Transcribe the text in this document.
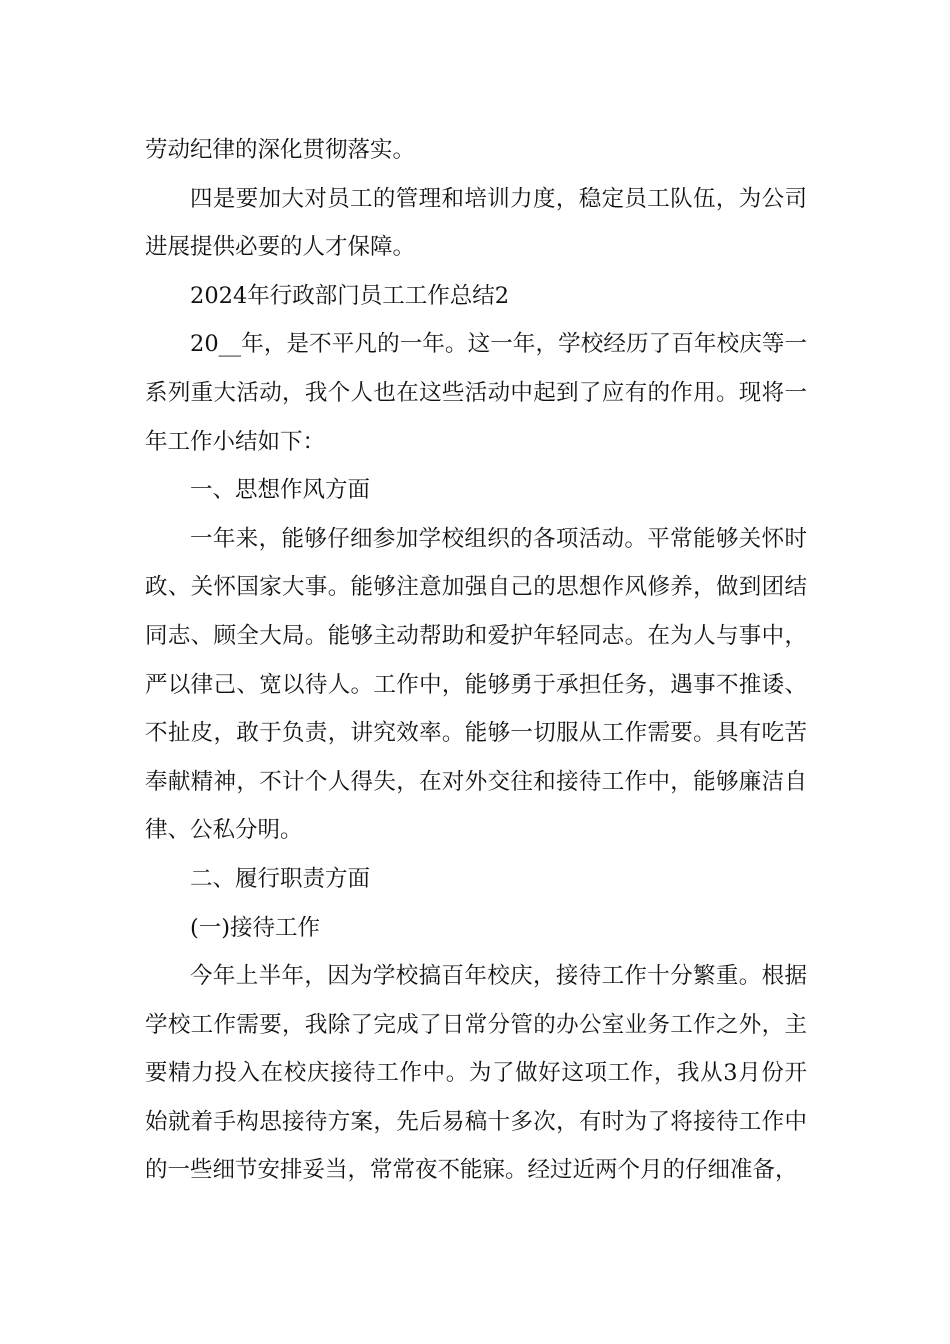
劳动纪律的深化贯彻落实。

四是要加大对员工的管理和培训力度，稳定员工队伍，为公司进展提供必要的人才保障。

2024年行政部门员工工作总结2

20__年，是不平凡的一年。这一年，学校经历了百年校庆等一系列重大活动，我个人也在这些活动中起到了应有的作用。现将一年工作小结如下：

一、思想作风方面

一年来，能够仔细参加学校组织的各项活动。平常能够关怀时政、关怀国家大事。能够注意加强自己的思想作风修养，做到团结同志、顾全大局。能够主动帮助和爱护年轻同志。在为人与事中，严以律己、宽以待人。工作中，能够勇于承担任务，遇事不推诿、不扯皮，敢于负责，讲究效率。能够一切服从工作需要。具有吃苦奉献精神，不计个人得失，在对外交往和接待工作中，能够廉洁自律、公私分明。

二、履行职责方面

(一)接待工作

今年上半年，因为学校搞百年校庆，接待工作十分繁重。根据学校工作需要，我除了完成了日常分管的办公室业务工作之外，主要精力投入在校庆接待工作中。为了做好这项工作，我从3月份开始就着手构思接待方案，先后易稿十多次，有时为了将接待工作中的一些细节安排妥当，常常夜不能寐。经过近两个月的仔细准备，
